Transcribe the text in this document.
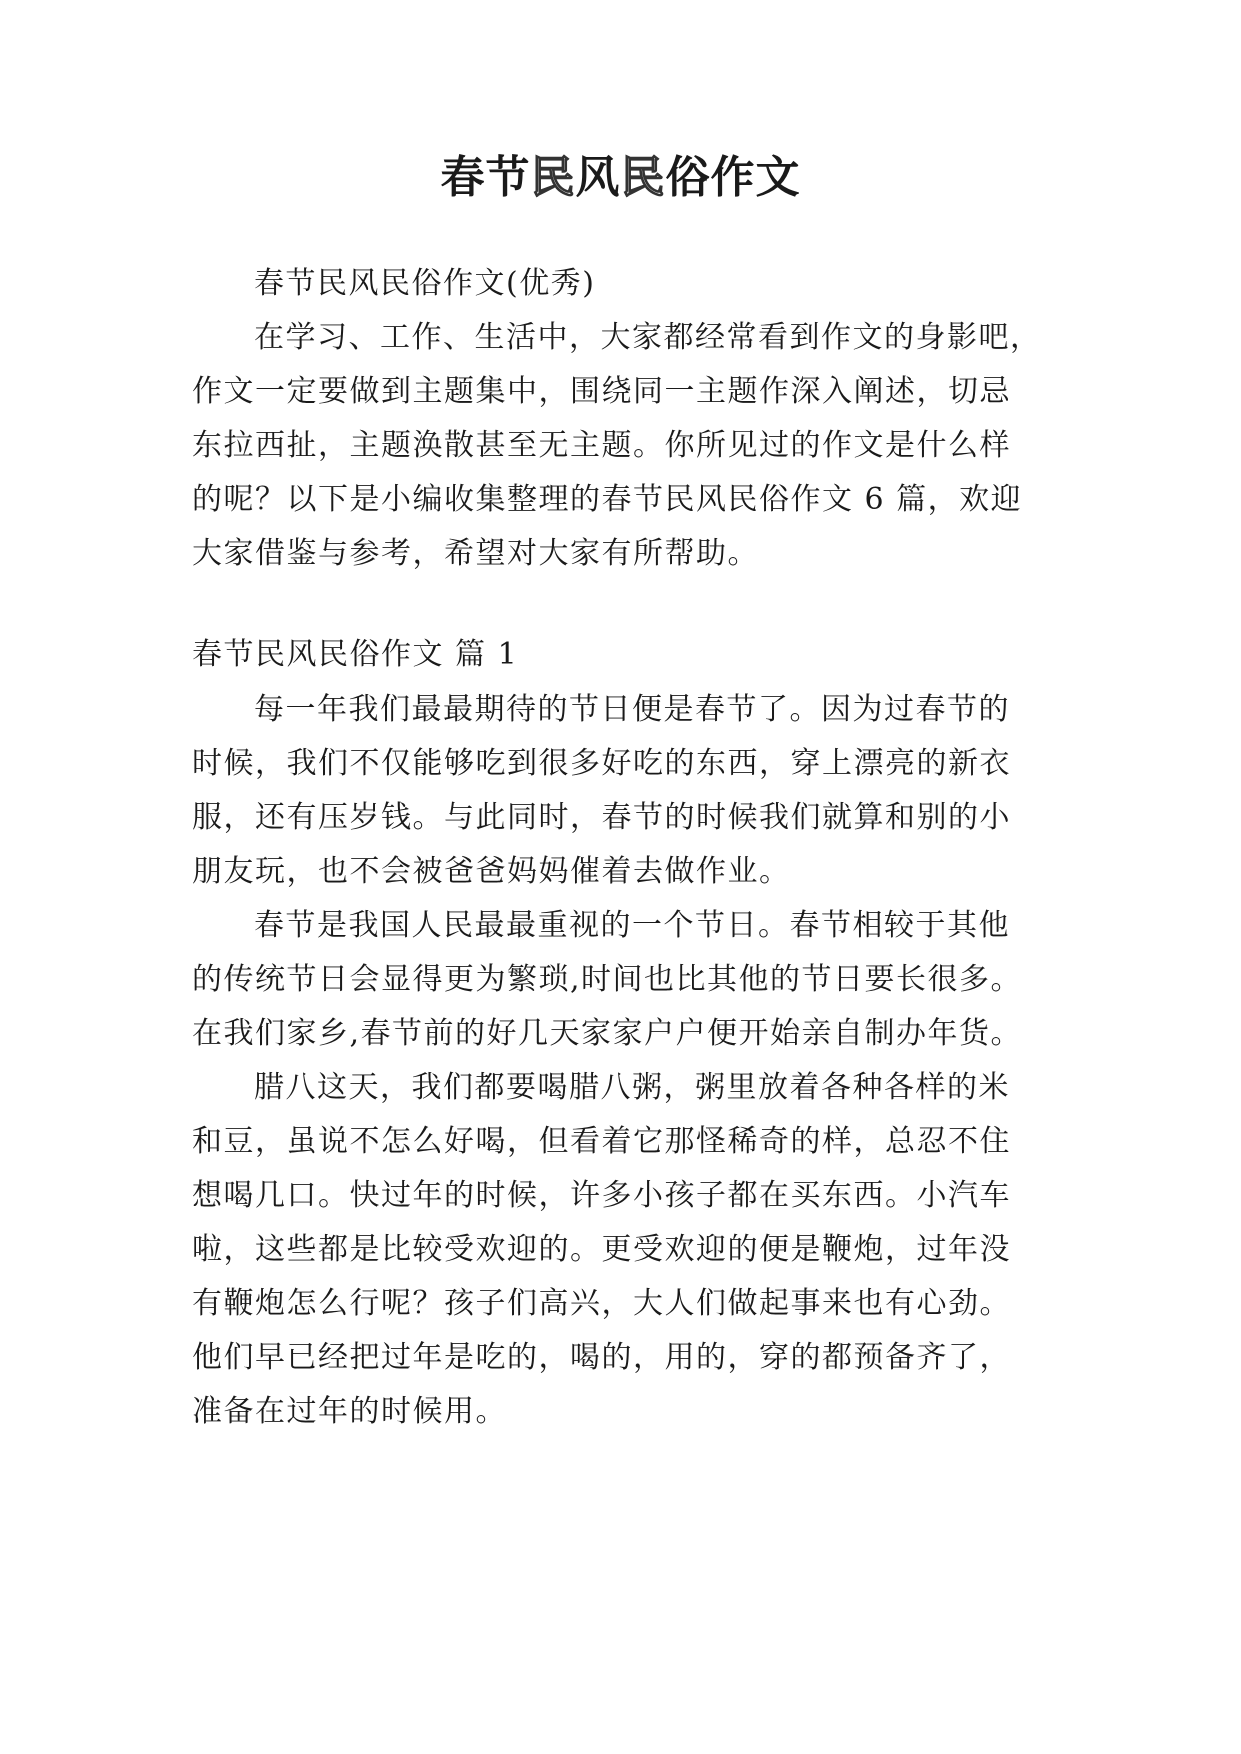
春节民风民俗作文
春节民风民俗作文(优秀)
在学习、工作、生活中，大家都经常看到作文的身影吧，
作文一定要做到主题集中，围绕同一主题作深入阐述，切忌
东拉西扯，主题涣散甚至无主题。你所见过的作文是什么样
的呢？以下是小编收集整理的春节民风民俗作文 6 篇，欢迎
大家借鉴与参考，希望对大家有所帮助。
春节民风民俗作文 篇 1
每一年我们最最期待的节日便是春节了。因为过春节的
时候，我们不仅能够吃到很多好吃的东西，穿上漂亮的新衣
服，还有压岁钱。与此同时，春节的时候我们就算和别的小
朋友玩，也不会被爸爸妈妈催着去做作业。
春节是我国人民最最重视的一个节日。春节相较于其他
的传统节日会显得更为繁琐,时间也比其他的节日要长很多。
在我们家乡,春节前的好几天家家户户便开始亲自制办年货。
腊八这天，我们都要喝腊八粥，粥里放着各种各样的米
和豆，虽说不怎么好喝，但看着它那怪稀奇的样，总忍不住
想喝几口。快过年的时候，许多小孩子都在买东西。小汽车
啦，这些都是比较受欢迎的。更受欢迎的便是鞭炮，过年没
有鞭炮怎么行呢？孩子们高兴，大人们做起事来也有心劲。
他们早已经把过年是吃的，喝的，用的，穿的都预备齐了，
准备在过年的时候用。
